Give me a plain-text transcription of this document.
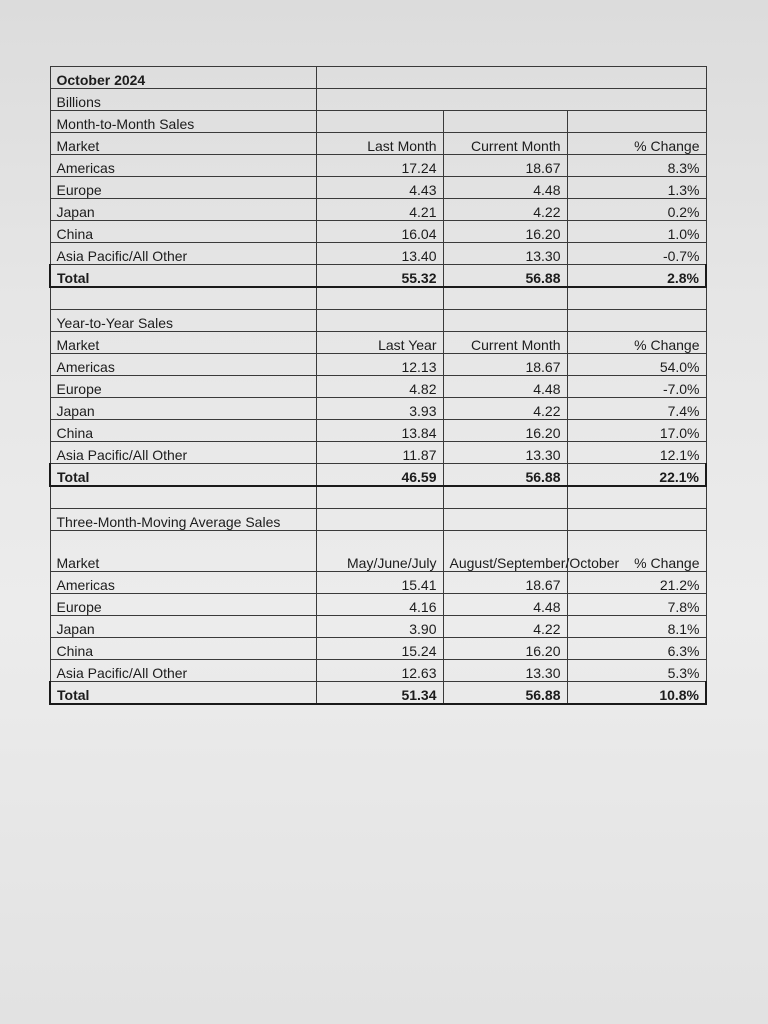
October 2024			
Billions			
Month-to-Month Sales			
Market	Last Month	Current Month	% Change
Americas	17.24	18.67	8.3%
Europe	4.43	4.48	1.3%
Japan	4.21	4.22	0.2%
China	16.04	16.20	1.0%
Asia Pacific/All Other	13.40	13.30	-0.7%
Total	55.32	56.88	2.8%

Year-to-Year Sales			
Market	Last Year	Current Month	% Change
Americas	12.13	18.67	54.0%
Europe	4.82	4.48	-7.0%
Japan	3.93	4.22	7.4%
China	13.84	16.20	17.0%
Asia Pacific/All Other	11.87	13.30	12.1%
Total	46.59	56.88	22.1%

Three-Month-Moving Average Sales			
Market	May/June/July	August/September/October	% Change
Americas	15.41	18.67	21.2%
Europe	4.16	4.48	7.8%
Japan	3.90	4.22	8.1%
China	15.24	16.20	6.3%
Asia Pacific/All Other	12.63	13.30	5.3%
Total	51.34	56.88	10.8%
